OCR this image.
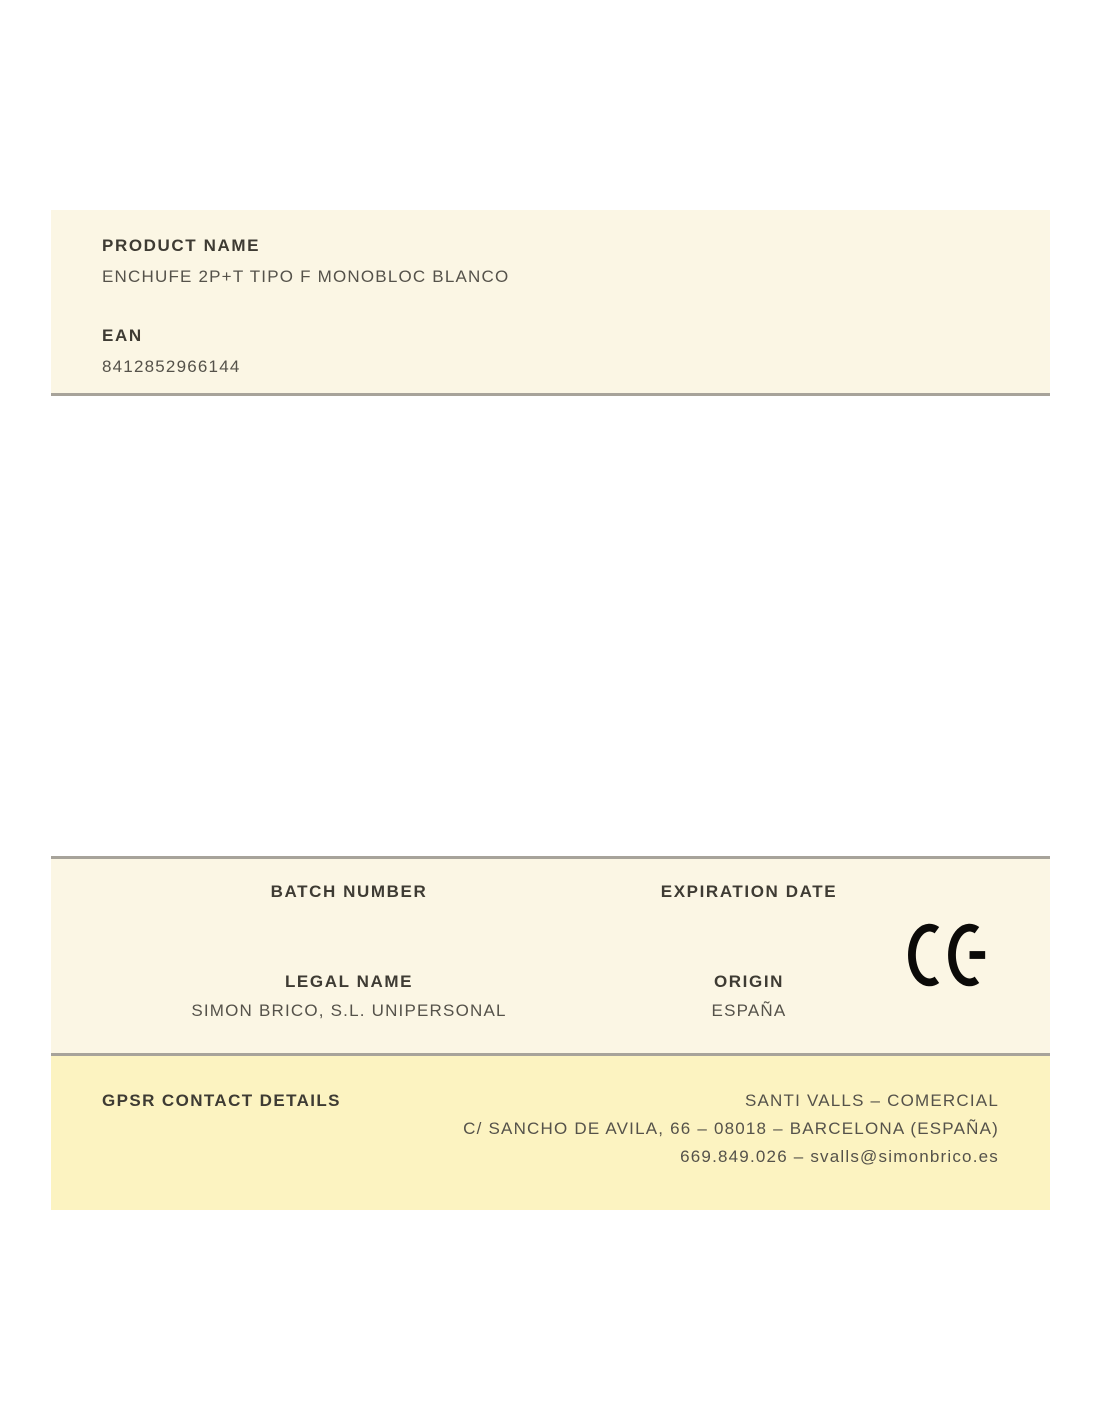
PRODUCT NAME
ENCHUFE 2P+T TIPO F MONOBLOC BLANCO
EAN
8412852966144
BATCH NUMBER
LEGAL NAME
SIMON BRICO, S.L. UNIPERSONAL
EXPIRATION DATE
ORIGIN
ESPAÑA
GPSR CONTACT DETAILS	SANTI VALLS – COMERCIAL
C/ SANCHO DE AVILA, 66 – 08018 – BARCELONA (ESPAÑA)
669.849.026 – svalls@simonbrico.es
